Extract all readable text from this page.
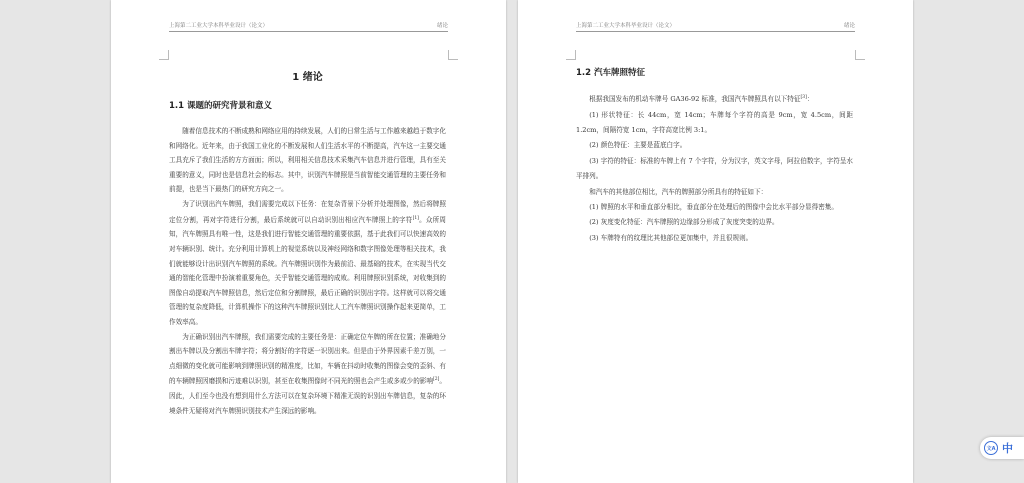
上海第二工业大学本科毕业设计（论文）	绪论
1 绪论
1.1 课题的研究背景和意义

随着信息技术的不断成熟和网络应用的持续发展，人们的日常生活与工作越来越趋于数字化和网络化。近年来，由于我国工业化的不断发展和人们生活水平的不断提高，汽车这一主要交通工具充斥了我们生活的方方面面；所以，利用相关信息技术采集汽车信息并进行管理，具有至关重要的意义，同时也是信息社会的标志。其中，识别汽车牌照是当前智能交通管理的主要任务和前提，也是当下最热门的研究方向之一。

为了识别出汽车牌照，我们需要完成以下任务：在复杂背景下分析并处理图像，然后将牌照定位分割，再对字符进行分割，最后系统就可以自动识别出相应汽车牌照上的字符[1]。众所周知，汽车牌照具有唯一性，这是我们进行智能交通管理的重要依据，基于此我们可以快速高效的对车辆识别、统计。充分利用计算机上的视觉系统以及神经网络和数字图像处理等相关技术，我们就能够设计出识别汽车牌照的系统。汽车牌照识别作为最前沿、最基础的技术，在实现当代交通的智能化管理中扮演着重要角色，关乎智能交通管理的成败。利用牌照识别系统，对收集到的图像自动提取汽车牌照信息，然后定位和分割牌照，最后正确的识别出字符。这样就可以将交通管理的复杂度降低，计算机操作下的这种汽车牌照识别比人工汽车牌照识别操作起来更简单，工作效率高。

为正确识别出汽车牌照，我们需要完成的主要任务是：正确定位车牌的所在位置；准确地分割出车牌以及分割出车牌字符；将分割好的字符逐一识别出来。但是由于外界因素千差万别，一点细微的变化就可能影响到牌照识别的精准度，比如，车辆在抖动时收集的图像会变的歪斜、有的车辆牌照因磨损和污迹难以识别，甚至在收集图像时不同光的照也会产生或多或少的影响[2]。因此，人们至今也没有想到用什么方法可以在复杂环境下精准无误的识别出车牌信息，复杂的环境条件无疑将对汽车牌照识别技术产生深远的影响。

上海第二工业大学本科毕业设计（论文）	绪论
1.2 汽车牌照特征

根据我国发布的机动车牌号 GA36-92 标准，我国汽车牌照具有以下特征[3]：

(1) 形状特征：长 44cm，宽 14cm；车牌每个字符的高是 9cm，宽 4.5cm，间距 1.2cm，间隔符宽 1cm，字符高宽比例 3:1。

(2) 颜色特征：主要是蓝底白字。

(3) 字符的特征：标准的车牌上有 7 个字符，分为汉字，英文字母，阿拉伯数字，字符呈水平排列。

和汽车的其他部位相比，汽车的牌照部分所具有的特征如下：

(1) 牌照的水平和垂直部分相比，垂直部分在处理后的图像中会比水平部分显得密集。

(2) 灰度变化特征：汽车牌照的边缘部分形成了灰度突变的边界。

(3) 车牌特有的纹理比其他部位更加集中，并且很规则。

文A 中
